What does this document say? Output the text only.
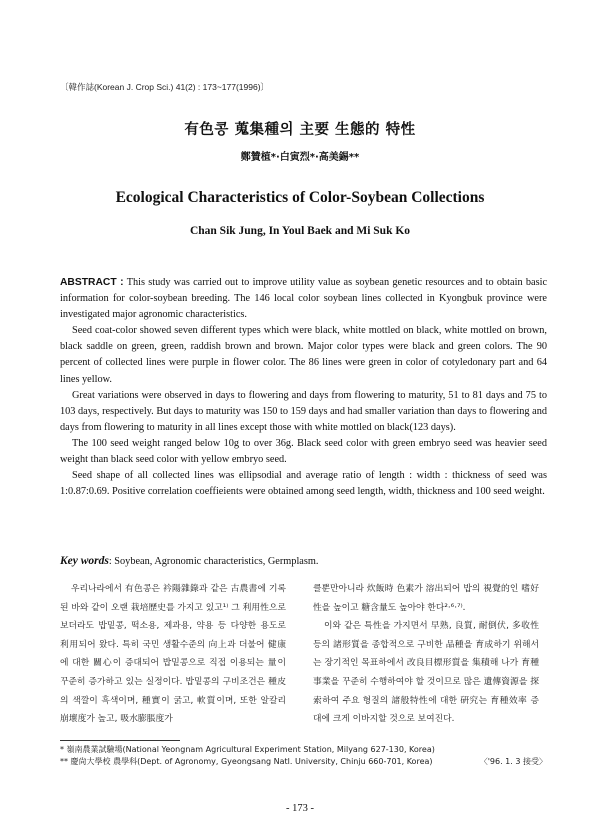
〔韓作誌(Korean J. Crop Sci.) 41(2) : 173~177(1996)〕
有色콩 蒐集種의 主要 生態的 特性
鄭贊植*·白寅烈*·高美錫**
Ecological Characteristics of Color-Soybean Collections
Chan Sik Jung, In Youl Baek and Mi Suk Ko

ABSTRACT : This study was carried out to improve utility value as soybean genetic resources and to obtain basic information for color-soybean breeding. The 146 local color soybean lines collected in Kyongbuk province were investigated major agronomic characteristics.

Seed coat-color showed seven different types which were black, white mottled on black, white mottled on brown, black saddle on green, green, raddish brown and brown. Major color types were black and green colors. The 90 percent of collected lines were purple in flower color. The 86 lines were green in color of cotyledonary part and 64 lines yellow.

Great variations were observed in days to flowering and days from flowering to maturity, 51 to 81 days and 75 to 103 days, respectively. But days to maturity was 150 to 159 days and had smaller variation than days to flowering and days from flowering to maturity in all lines except those with white mottled on black(123 days).

The 100 seed weight ranged below 10g to over 36g. Black seed color with green embryo seed was heavier seed weight than black seed color with yellow embryo seed.

Seed shape of all collected lines was ellipsodial and average ratio of length : width : thickness of seed was 1:0.87:0.69. Positive correlation coeffieients were obtained among seed length, width, thickness and 100 seed weight.

Key words: Soybean, Agronomic characteristics, Germplasm.

우리나라에서 有色콩은 衿陽雜錄과 같은 古農書에 기록된 바와 같이 오랜 栽培歷史를 가지고 있고¹⁾ 그 利用性으로 보더라도 밥밑콩, 떡소용, 제과용, 약용 등 다양한 용도로 利用되어 왔다. 특히 국민 생활수준의 向上과 더불어 健康에 대한 關心이 증대되어 밥밑콩으로 직접 이용되는 量이 꾸준히 증가하고 있는 실정이다. 밥밑콩의 구비조건은 種皮의 색깔이 흑색이며, 種實이 굵고, 軟質이며, 또한 알칼리 崩壞度가 높고, 吸水膨脹度가

클뿐만아니라 炊飯時 色素가 溶出되어 밥의 視覺的인 嗜好性을 높이고 糖含量도 높아야 한다²·⁶·⁷⁾.

이와 같은 특性을 가지면서 早熟, 良質, 耐倒伏, 多收性 등의 諸形質을 종합적으로 구비한 品種을 育成하기 위해서는 장기적인 목표하에서 改良目標形質을 集積해 나가 育種事業을 꾸준히 수행하여야 할 것이므로 많은 遺傳資源을 探索하여 주요 형질의 諸般特性에 대한 硏究는 育種效率 증대에 크게 이바지할 것으로 보여진다.

* 嶺南農業試驗場(National Yeongnam Agricultural Experiment Station, Milyang 627-130, Korea)
** 慶尙大學校 農學科(Dept. of Agronomy, Gyeongsang Natl. University, Chinju 660-701, Korea)	〈'96. 1. 3 接受〉
- 173 -
